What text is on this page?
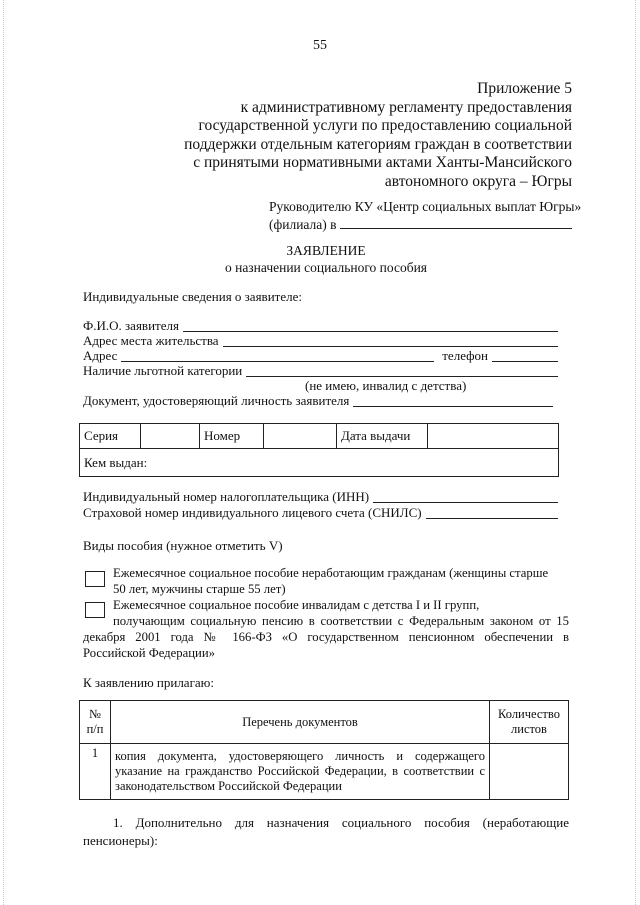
55
Приложение 5
к административному регламенту предоставления
государственной услуги по предоставлению социальной
поддержки отдельным категориям граждан в соответствии
с принятыми нормативными актами Ханты-Мансийского
автономного округа – Югры
Руководителю КУ «Центр социальных выплат Югры»
(филиала) в
ЗАЯВЛЕНИЕ
о назначении социального пособия
Индивидуальные сведения о заявителе:
Ф.И.О. заявителя
Адрес места жительства
Адрес	телефон
Наличие льготной категории
(не имею, инвалид с детства)
Документ, удостоверяющий личность заявителя
Серия		Номер		Дата выдачи	
Кем выдан:
Индивидуальный номер налогоплательщика (ИНН)
Страховой номер индивидуального лицевого счета (СНИЛС)
Виды пособия (нужное отметить V)
Ежемесячное социальное пособие неработающим гражданам (женщины старше
50 лет, мужчины старше 55 лет)
Ежемесячное социальное пособие инвалидам с детства I и II групп,
получающим социальную пенсию в соответствии с Федеральным законом от 15
декабря 2001 года № 166-ФЗ «О государственном пенсионном обеспечении в
Российской Федерации»
К заявлению прилагаю:
№ п/п	Перечень документов	Количество листов
1	копия документа, удостоверяющего личность и содержащего
указание на гражданство Российской Федерации, в соответствии с
законодательством Российской Федерации	

1. Дополнительно для назначения социального пособия (неработающие пенсионеры):
